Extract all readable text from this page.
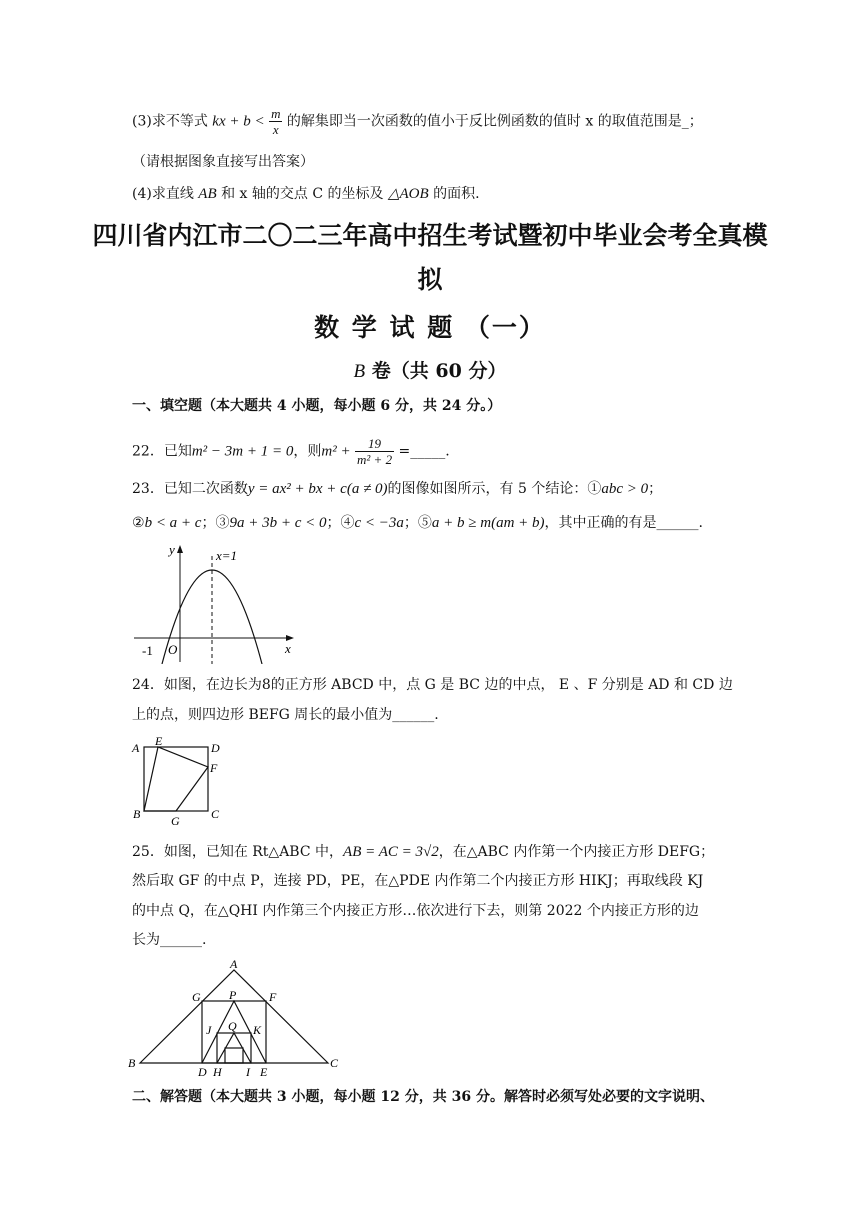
(3)求不等式 kx + $b < \frac{m}{x}$ 的解集即当一次函数的值小于反比例函数的值时 x 的取值范围是_；
（请根据图象直接写出答案）
(4)求直线 AB 和 x 轴的交点 C 的坐标及 △AOB 的面积.
四川省内江市二〇二三年高中招生考试暨初中毕业会考全真模
拟
数 学 试 题 （一）
B 卷（共 60 分）
一、填空题（本大题共 4 小题，每小题 6 分，共 24 分。）
22．已知m² − 3m + 1 = 0，则$m^2 + \frac{19}{\text{m² + 2}}$ =_____.
23．已知二次函数y = ax² + bx + c(a ≠ 0)的图像如图所示，有 5 个结论：①abc > 0；
②b < a + c；③9a + 3b + c < 0；④c < −3a；⑤a + b ≥ m(am + b)，其中正确的有是______.
y
x
O
-1
x=1
24．如图，在边长为8的正方形 ABCD 中，点 G 是 BC 边的中点， E 、F 分别是 AD 和 CD 边
上的点，则四边形 BEFG 周长的最小值为______.
A E	D
F
B	G	C
25．如图，已知在 Rt△ABC 中，AB = AC = 3√2，在△ABC 内作第一个内接正方形 DEFG；
然后取 GF 的中点 P，连接 PD，PE，在△PDE 内作第二个内接正方形 HIKJ；再取线段 KJ
的中点 Q，在△QHI 内作第三个内接正方形…依次进行下去，则第 2022 个内接正方形的边
长为______.
A
G P	F
J Q K
B
D H I E
C
二、解答题（本大题共 3 小题，每小题 12 分，共 36 分。解答时必须写处必要的文字说明、
